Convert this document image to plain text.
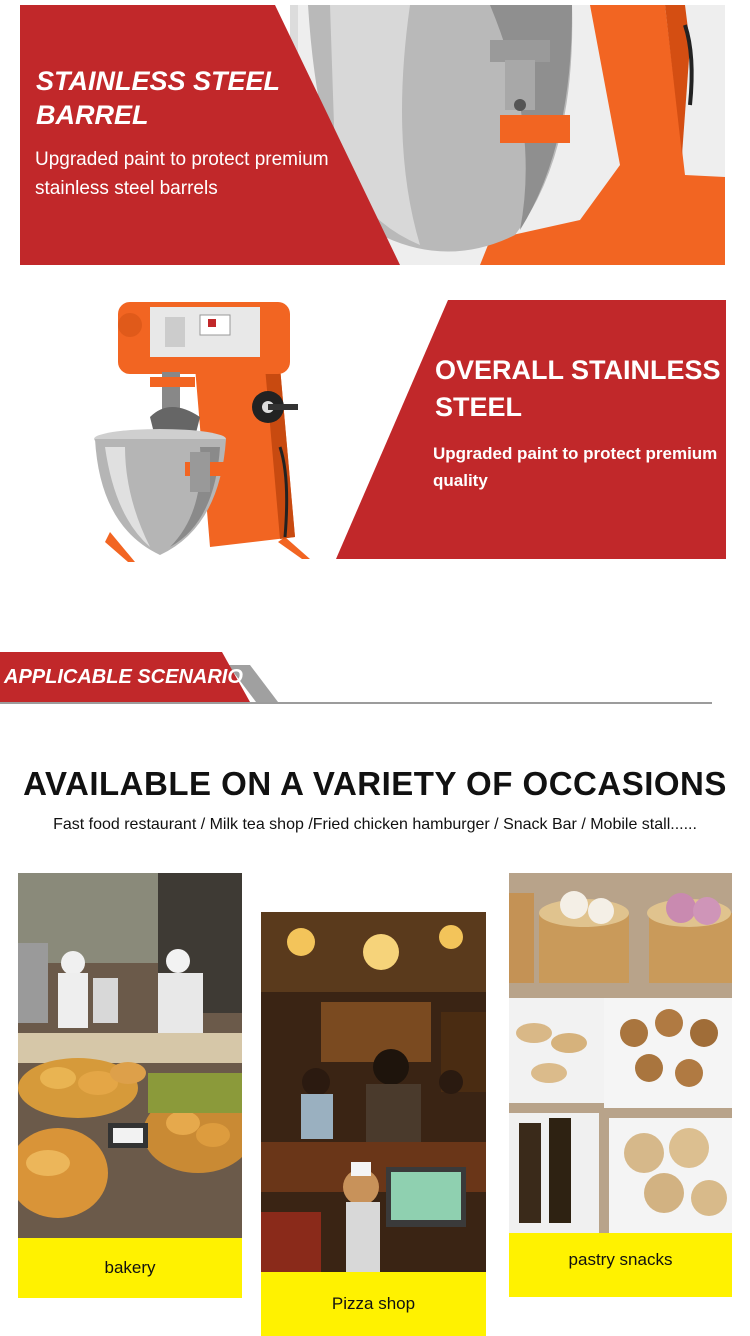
STAINLESS STEEL BARREL
Upgraded paint to protect premium stainless steel barrels
OVERALL STAINLESS STEEL
Upgraded paint to protect premium quality
APPLICABLE SCENARIO
AVAILABLE ON A VARIETY OF OCCASIONS
Fast food restaurant / Milk tea shop /Fried chicken hamburger / Snack Bar / Mobile stall......
bakery
Pizza shop
pastry snacks
